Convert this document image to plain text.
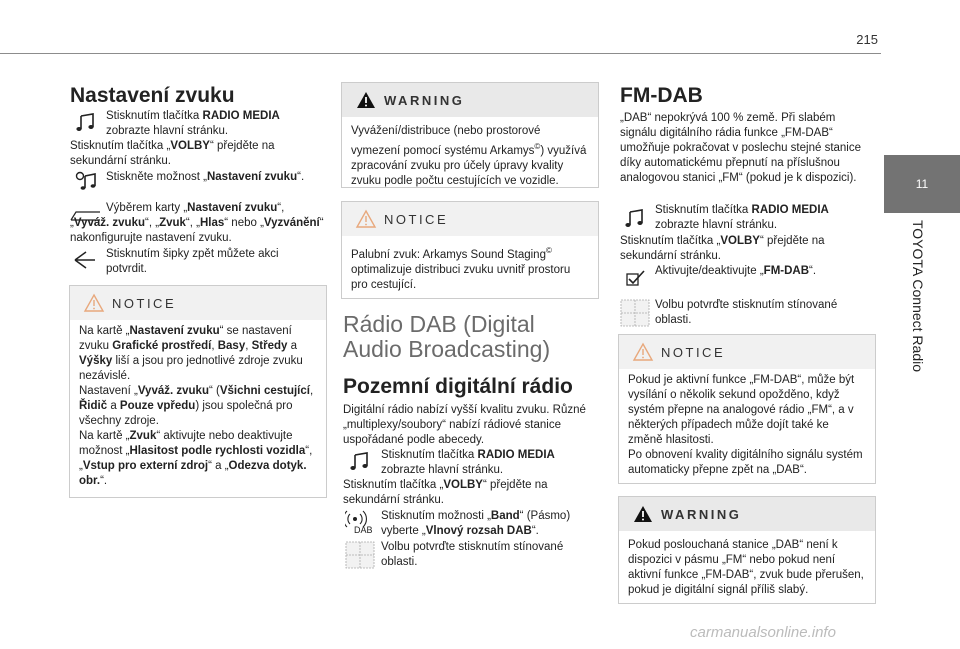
215
11
TOYOTA Connect Radio
Nastavení zvuku

Stisknutím tlačítka RADIO MEDIA zobrazte hlavní stránku.

Stisknutím tlačítka „VOLBY“ přejděte na sekundární stránku.

Stiskněte možnost „Nastavení zvuku“.

Výběrem karty „Nastavení zvuku“, „Vyváž. zvuku“, „Zvuk“, „Hlas“ nebo „Vyzvánění“ nakonfigurujte nastavení zvuku.

Stisknutím šipky zpět můžete akci potvrdit.

NOTICE
Na kartě „Nastavení zvuku“ se nastavení zvuku Grafické prostředí, Basy, Středy a Výšky liší a jsou pro jednotlivé zdroje zvuku nezávislé.
Nastavení „Vyváž. zvuku“ (Všichni cestující, Řidič a Pouze vpředu) jsou společná pro všechny zdroje.
Na kartě „Zvuk“ aktivujte nebo deaktivujte možnost „Hlasitost podle rychlosti vozidla“, „Vstup pro externí zdroj“ a „Odezva dotyk. obr.“.
WARNING
Vyvážení/distribuce (nebo prostorové vymezení pomocí systému Arkamys©) využívá zpracování zvuku pro účely úpravy kvality zvuku podle počtu cestujících ve vozidle.
NOTICE
Palubní zvuk: Arkamys Sound Staging© optimalizuje distribuci zvuku uvnitř prostoru pro cestující.
Rádio DAB (Digital Audio Broadcasting)
Pozemní digitální rádio

Digitální rádio nabízí vyšší kvalitu zvuku. Různé „multiplexy/soubory“ nabízí rádiové stanice uspořádané podle abecedy.

Stisknutím tlačítka RADIO MEDIA zobrazte hlavní stránku.

Stisknutím tlačítka „VOLBY“ přejděte na sekundární stránku.

DAB

Stisknutím možnosti „Band“ (Pásmo) vyberte „Vlnový rozsah DAB“.

Volbu potvrďte stisknutím stínované oblasti.

FM-DAB

„DAB“ nepokrývá 100 % země. Při slabém signálu digitálního rádia funkce „FM-DAB“ umožňuje pokračovat v poslechu stejné stanice díky automatickému přepnutí na příslušnou analogovou stanici „FM“ (pokud je k dispozici).

Stisknutím tlačítka RADIO MEDIA zobrazte hlavní stránku.

Stisknutím tlačítka „VOLBY“ přejděte na sekundární stránku.

Aktivujte/deaktivujte „FM-DAB“.

Volbu potvrďte stisknutím stínované oblasti.

NOTICE
Pokud je aktivní funkce „FM-DAB“, může být vysílání o několik sekund opožděno, když systém přepne na analogové rádio „FM“, a v některých případech může dojít také ke změně hlasitosti.
Po obnovení kvality digitálního signálu systém automaticky přepne zpět na „DAB“.
WARNING
Pokud poslouchaná stanice „DAB“ není k dispozici v pásmu „FM“ nebo pokud není aktivní funkce „FM-DAB“, zvuk bude přerušen, pokud je digitální signál příliš slabý.
carmanualsonline.info
